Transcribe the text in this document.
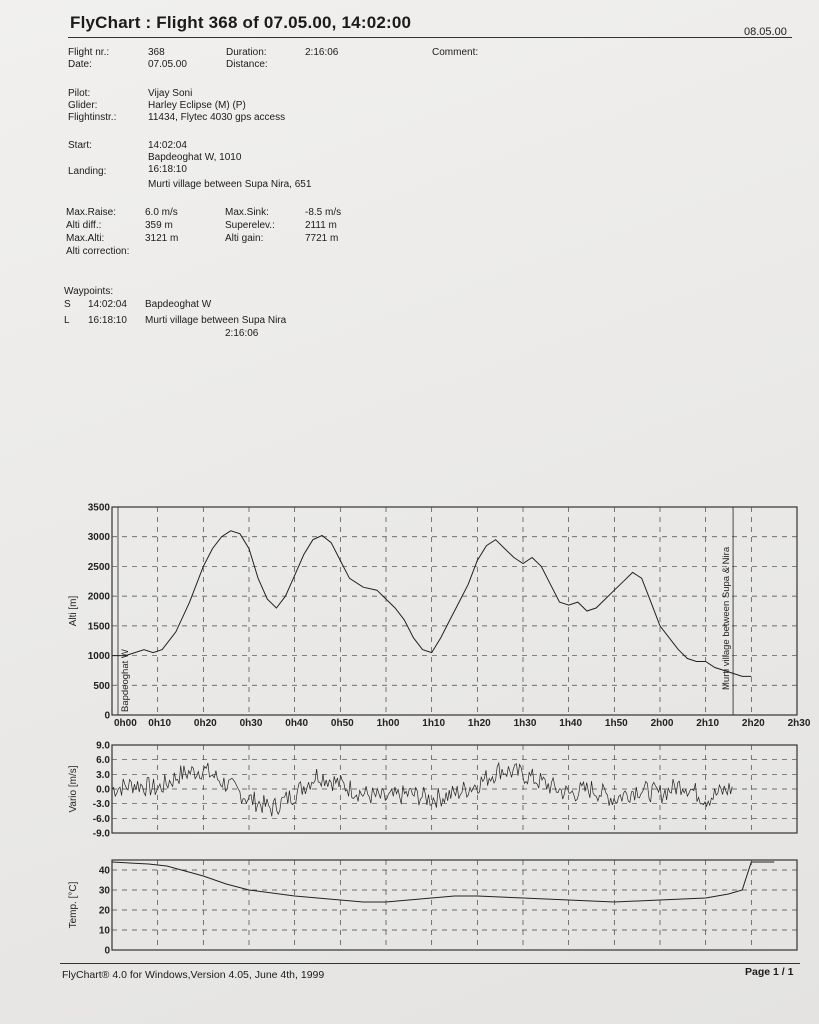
FlyChart : Flight 368 of 07.05.00, 14:02:00	08.05.00
Flight nr.:	368	Duration:	2:16:06	Comment:
Date:	07.05.00	Distance:
Pilot:	Vijay Soni
Glider:	Harley Eclipse (M) (P)
Flightinstr.:	11434, Flytec 4030 gps access
Start:	14:02:04
Bapdeoghat W, 1010
Landing:	16:18:10
Murti village between Supa Nira, 651
Max.Raise:	6.0 m/s	Max.Sink:	-8.5 m/s
Alti diff.:	359 m	Superelev.:	2111 m
Max.Alti:	3121 m	Alti gain:	7721 m
Alti correction:
Waypoints:
S 14:02:04 Bapdeoghat W
L 16:18:10 Murti village between Supa Nira
2:16:06
0
500
1000
1500
2000
2500
3000
3500
Alti [m]
9.0
6.0
3.0
0.0
-3.0
-6.0
-9.0
Vario [m/s]
0
10
20
30
40
Temp. [°C]
0h00 0h10 0h20 0h30 0h40 0h50 1h00 1h10 1h20 1h30 1h40 1h50 2h00 2h10 2h20 2h30
Bapdeoghat W	Murti village between Supa & Nira
FlyChart® 4.0 for Windows,Version 4.05, June 4th, 1999	Page 1 / 1
